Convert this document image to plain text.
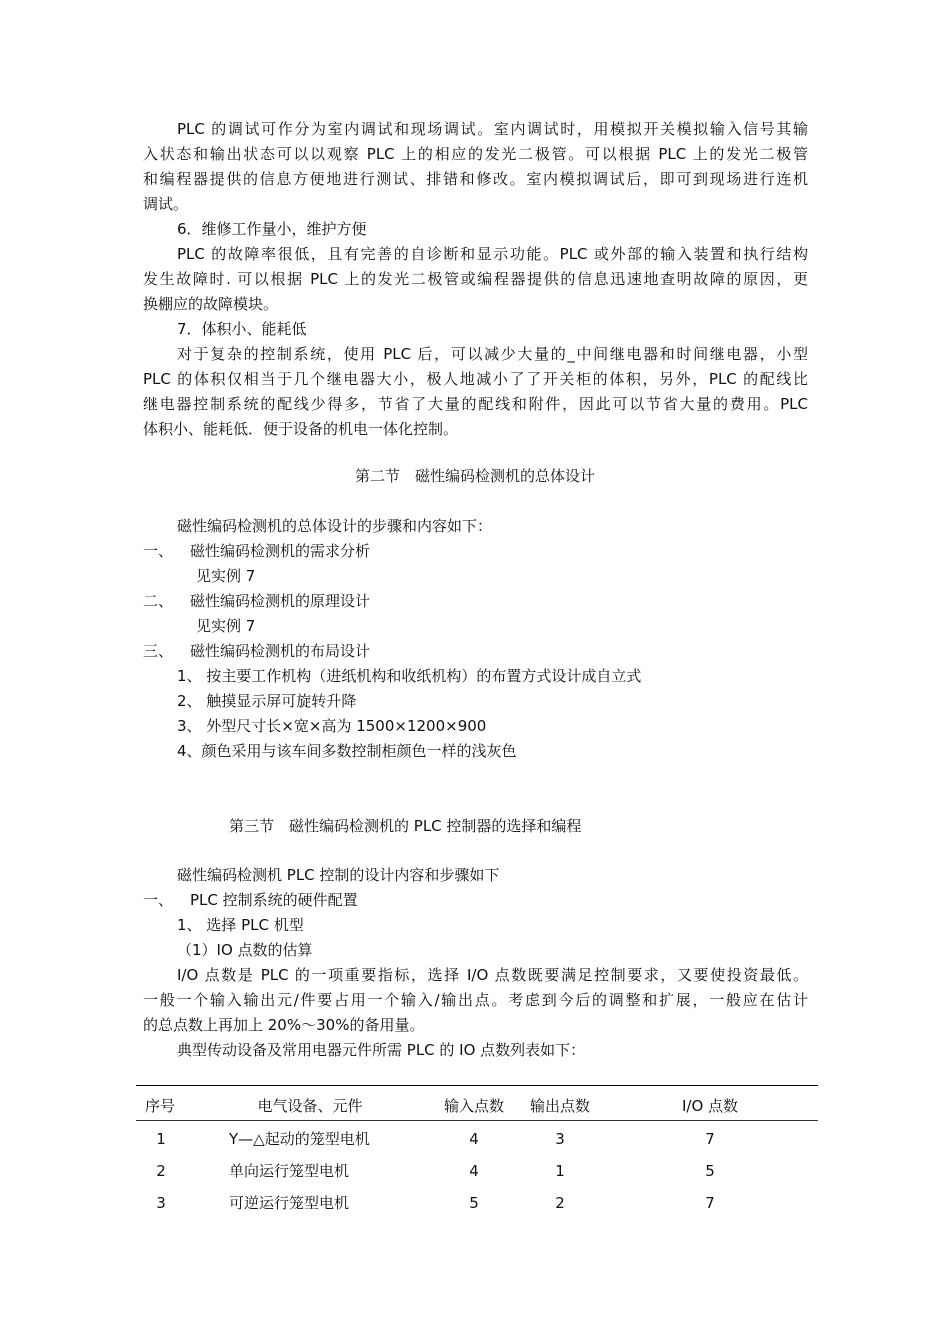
PLC 的调试可作分为室内调试和现场调试。室内调试时，用模拟开关模拟输入信号其输
入状态和输出状态可以以观察 PLC 上的相应的发光二极管。可以根据 PLC 上的发光二极管
和编程器提供的信息方便地进行测试、排错和修改。室内模拟调试后，即可到现场进行连机
调试。
6．维修工作量小，维护方便
PLC 的故障率很低，且有完善的自诊断和显示功能。PLC 或外部的输入装置和执行结构
发生故障时. 可以根据 PLC 上的发光二极管或编程器提供的信息迅速地查明故障的原因，更
换棚应的故障模块。
7．体积小、能耗低
对于复杂的控制系统，使用 PLC 后，可以减少大量的_中间继电器和时间继电器，小型
PLC 的体积仅相当于几个继电器大小，极人地减小了了开关柜的体积，另外，PLC 的配线比
继电器控制系统的配线少得多，节省了大量的配线和附件，因此可以节省大量的费用。PLC
体积小、能耗低．便于设备的机电一体化控制。
第二节　磁性编码检测机的总体设计
磁性编码检测机的总体设计的步骤和内容如下：
一、 磁性编码检测机的需求分析
见实例 7
二、 磁性编码检测机的原理设计
见实例 7
三、 磁性编码检测机的布局设计
1、 按主要工作机构（进纸机构和收纸机构）的布置方式设计成自立式
2、 触摸显示屏可旋转升降
3、 外型尺寸长×宽×高为 1500×1200×900
4、颜色采用与该车间多数控制柜颜色一样的浅灰色
第三节　磁性编码检测机的 PLC 控制器的选择和编程
磁性编码检测机 PLC 控制的设计内容和步骤如下
一、 PLC 控制系统的硬件配置
1、 选择 PLC 机型
（1）IO 点数的估算
I/O 点数是 PLC 的一项重要指标，选择 I/O 点数既要满足控制要求，又要使投资最低。
一般一个输入输出元/件要占用一个输入/输出点。考虑到今后的调整和扩展，一般应在估计
的总点数上再加上 20%～30%的备用量。
典型传动设备及常用电器元件所需 PLC 的 IO 点数列表如下：
序号	电气设备、元件	输入点数	输出点数	I/O 点数
1	Y—△起动的笼型电机	4	3	7
2	单向运行笼型电机	4	1	5
3	可逆运行笼型电机	5	2	7
